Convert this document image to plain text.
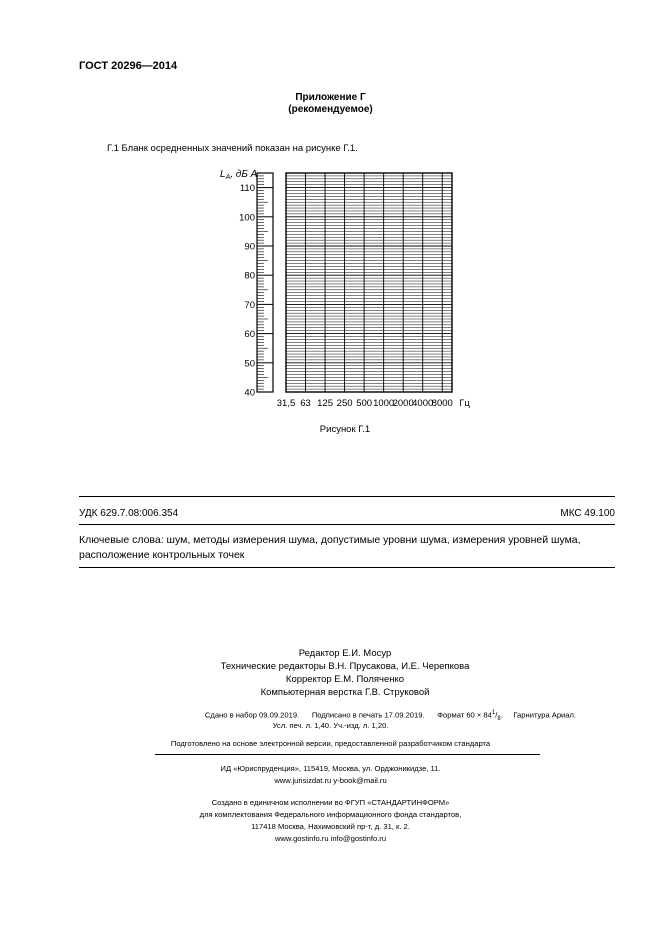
ГОСТ 20296—2014
Приложение Г
(рекомендуемое)
Г.1 Бланк осредненных значений показан на рисунке Г.1.
$L_A$, дБ А
110
100
90
80
70
60
50
40
31,5 63 125 250 500 1000
2000
4000
8000 Гц
Рисунок Г.1
УДК 629.7.08:006.354	МКС 49.100
Ключевые слова: шум, методы измерения шума, допустимые уровни шума, измерения уровней шума, расположение контрольных точек
Редактор Е.И. Мосур
Технические редакторы В.Н. Прусакова, И.Е. Черепкова
Корректор Е.М. Поляченко
Компьютерная верстка Г.В. Струковой
Сдано в набор 09.09.2019. Подписано в печать 17.09.2019. Формат $60 \times 84^1/_8$.     Гарнитура Ариал.
Усл. печ. л. 1,40. Уч.-изд. л. 1,20.
Подготовлено на основе электронной версии, предоставленной разработчиком стандарта
ИД «Юриспруденция», 115419, Москва, ул. Орджоникидзе, 11.
www.jurisizdat.ru y-book@mail.ru
Создано в единичном исполнении во ФГУП «СТАНДАРТИНФОРМ»
для комплектования Федерального информационного фонда стандартов,
117418 Москва, Нахимовский пр-т, д. 31, к. 2.
www.gostinfo.ru info@gostinfo.ru
